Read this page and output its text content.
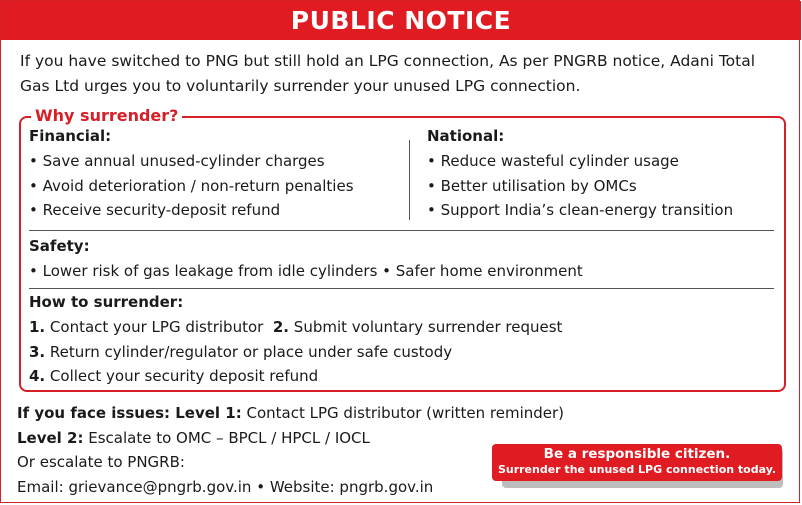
PUBLIC NOTICE
If you have switched to PNG but still hold an LPG connection, As per PNGRB notice, Adani Total Gas Ltd urges you to voluntarily surrender your unused LPG connection.
Why surrender?
Financial:
• Save annual unused-cylinder charges
• Avoid deterioration / non-return penalties
• Receive security-deposit refund
National:
• Reduce wasteful cylinder usage
• Better utilisation by OMCs
• Support India’s clean-energy transition
Safety:
• Lower risk of gas leakage from idle cylinders • Safer home environment
How to surrender:
1. Contact your LPG distributor 2. Submit voluntary surrender request
3. Return cylinder/regulator or place under safe custody
4. Collect your security deposit refund
If you face issues: Level 1: Contact LPG distributor (written reminder)
Level 2: Escalate to OMC – BPCL / HPCL / IOCL
Or escalate to PNGRB:
Email: grievance@pngrb.gov.in • Website: pngrb.gov.in
Be a responsible citizen.
Surrender the unused LPG connection today.
